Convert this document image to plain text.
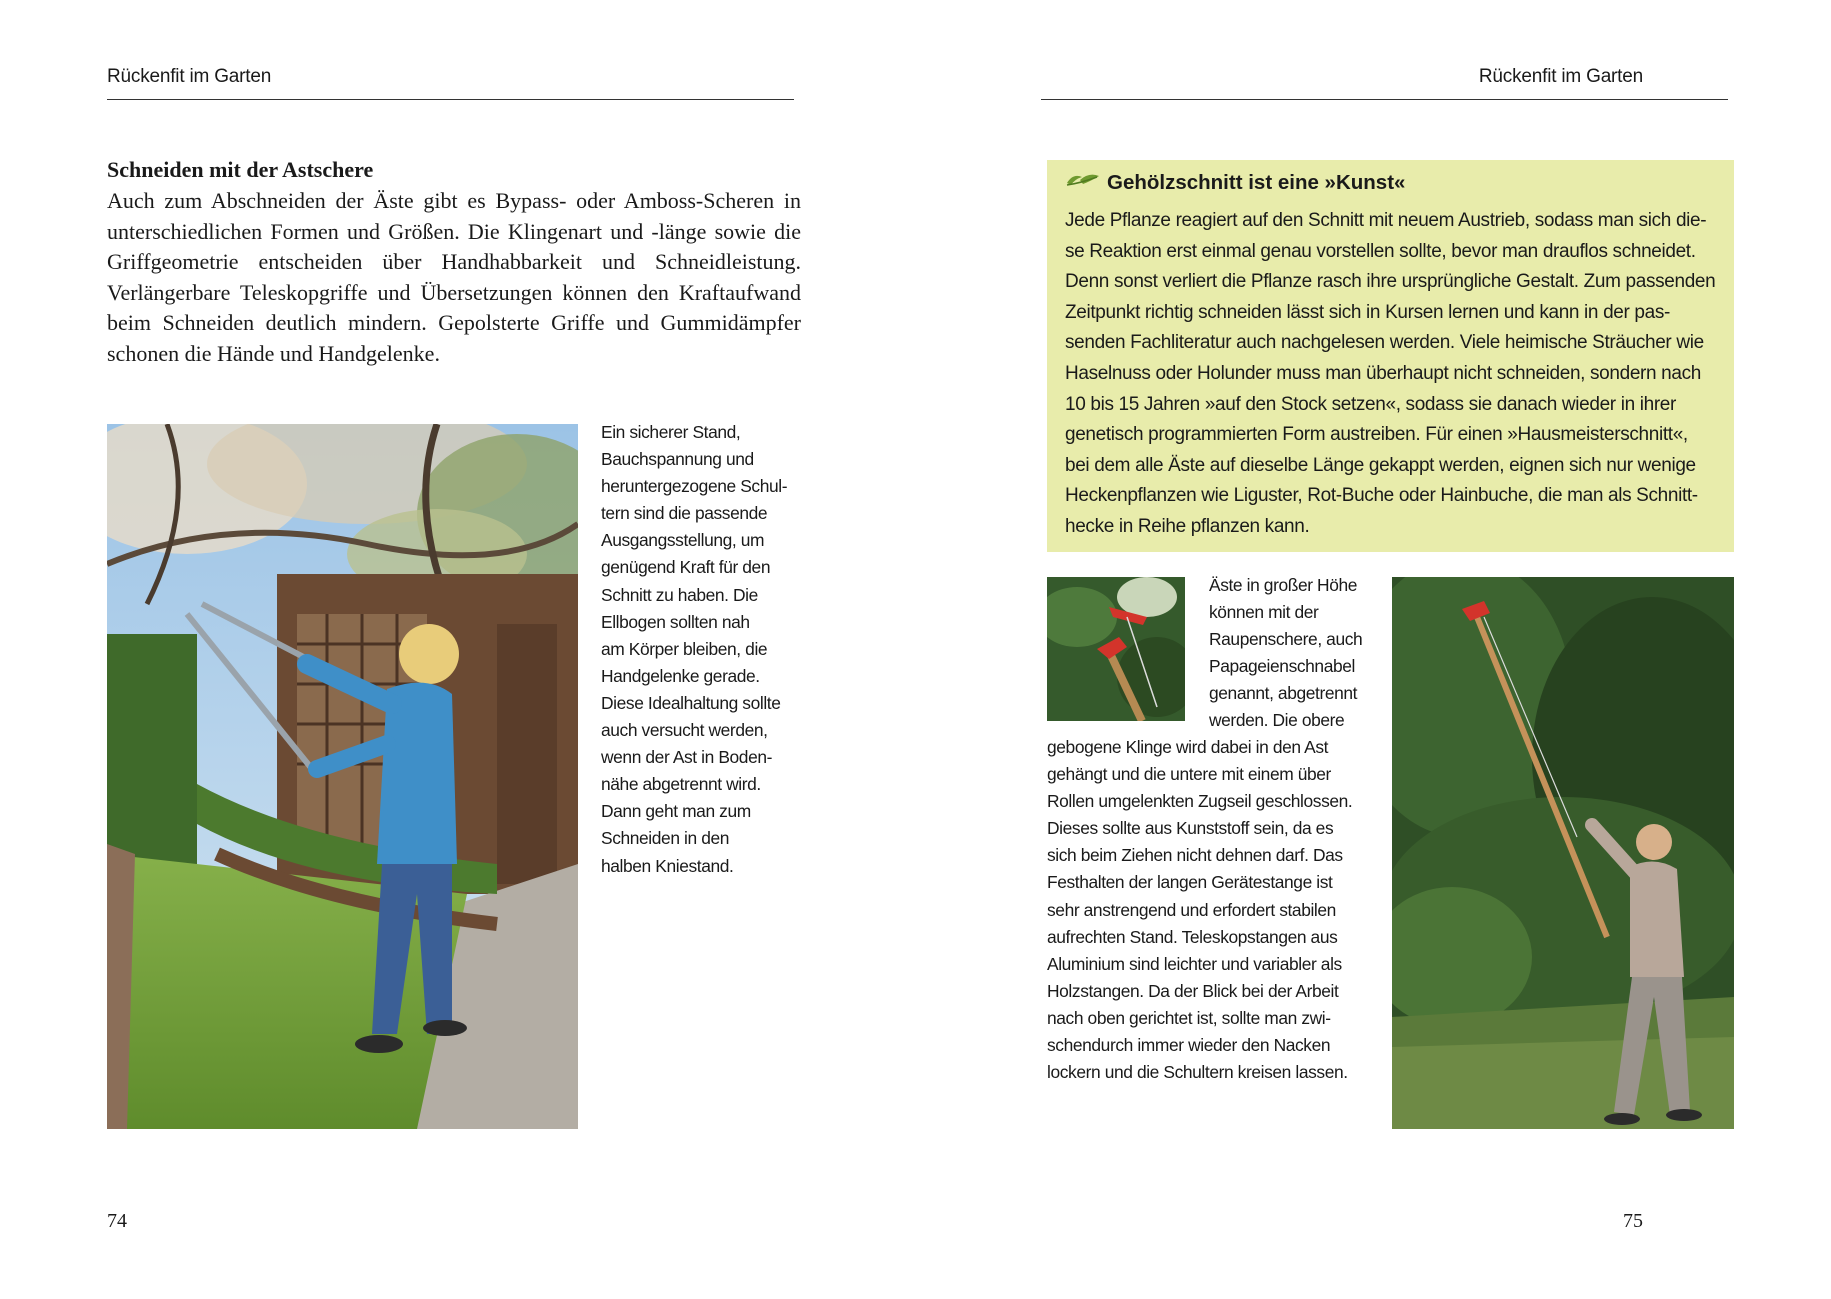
Rückenfit im Garten
Schneiden mit der Astschere
Auch zum Abschneiden der Äste gibt es Bypass- oder Amboss-Scheren in unterschiedlichen Formen und Größen. Die Klingenart und -länge sowie die Griffgeometrie entscheiden über Handhabbarkeit und Schneidleistung. Verlängerbare Teleskopgriffe und Übersetzungen können den Kraftaufwand beim Schneiden deutlich mindern. Gepolsterte Griffe und Gummidämpfer schonen die Hände und Handgelenke.
Ein sicherer Stand,
Bauchspannung und
heruntergezogene Schul-
tern sind die passende
Ausgangsstellung, um
genügend Kraft für den
Schnitt zu haben. Die
Ellbogen sollten nah
am Körper bleiben, die
Handgelenke gerade.
Diese Idealhaltung sollte
auch versucht werden,
wenn der Ast in Boden-
nähe abgetrennt wird.
Dann geht man zum
Schneiden in den
halben Kniestand.
74
Rückenfit im Garten
Gehölzschnitt ist eine »Kunst«
Jede Pflanze reagiert auf den Schnitt mit neuem Austrieb, sodass man sich die-
se Reaktion erst einmal genau vorstellen sollte, bevor man drauflos schneidet.
Denn sonst verliert die Pflanze rasch ihre ursprüngliche Gestalt. Zum passenden
Zeitpunkt richtig schneiden lässt sich in Kursen lernen und kann in der pas-
senden Fachliteratur auch nachgelesen werden. Viele heimische Sträucher wie
Haselnuss oder Holunder muss man überhaupt nicht schneiden, sondern nach
10 bis 15 Jahren »auf den Stock setzen«, sodass sie danach wieder in ihrer
genetisch programmierten Form austreiben. Für einen »Hausmeisterschnitt«,
bei dem alle Äste auf dieselbe Länge gekappt werden, eignen sich nur wenige
Heckenpflanzen wie Liguster, Rot-Buche oder Hainbuche, die man als Schnitt-
hecke in Reihe pflanzen kann.
Äste in großer Höhe
können mit der
Raupenschere, auch
Papageienschnabel
genannt, abgetrennt
werden. Die obere
gebogene Klinge wird dabei in den Ast
gehängt und die untere mit einem über
Rollen umgelenkten Zugseil geschlossen.
Dieses sollte aus Kunststoff sein, da es
sich beim Ziehen nicht dehnen darf. Das
Festhalten der langen Gerätestange ist
sehr anstrengend und erfordert stabilen
aufrechten Stand. Teleskopstangen aus
Aluminium sind leichter und variabler als
Holzstangen. Da der Blick bei der Arbeit
nach oben gerichtet ist, sollte man zwi-
schendurch immer wieder den Nacken
lockern und die Schultern kreisen lassen.
75
